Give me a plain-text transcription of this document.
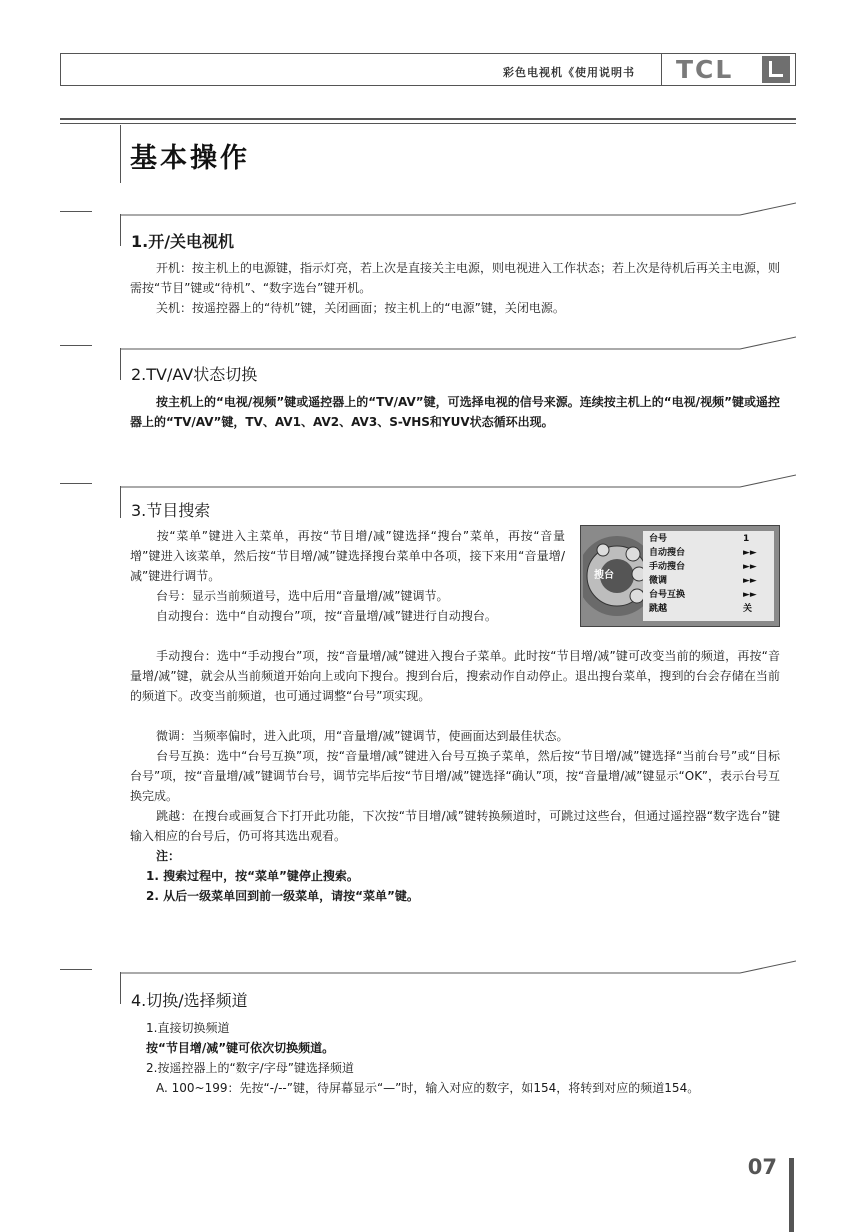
彩色电视机《使用说明书 TCL
基本操作
1.开/关电视机
开机：按主机上的电源键，指示灯亮，若上次是直接关主电源，则电视进入工作状态；若上次是待机后再关主电源，则需按“节目”键或“待机”、“数字选台”键开机。
关机：按遥控器上的“待机”键，关闭画面；按主机上的“电源”键，关闭电源。
2.TV/AV状态切换
按主机上的“电视/视频”键或遥控器上的“TV/AV”键，可选择电视的信号来源。连续按主机上的“电视/视频”键或遥控器上的“TV/AV”键，TV、AV1、AV2、AV3、S-VHS和YUV状态循环出现。
3.节目搜索
按“菜单”键进入主菜单，再按“节目增/减”键选择“搜台”菜单，再按“音量增”键进入该菜单，然后按“节目增/减”键选择搜台菜单中各项，接下来用“音量增/减”键进行调节。
台号：显示当前频道号，选中后用“音量增/减”键调节。
自动搜台：选中“自动搜台”项，按“音量增/减”键进行自动搜台。
手动搜台：选中“手动搜台”项，按“音量增/减”键进入搜台子菜单。此时按“节目增/减”键可改变当前的频道，再按“音量增/减”键，就会从当前频道开始向上或向下搜台。搜到台后，搜索动作自动停止。退出搜台菜单，搜到的台会存储在当前的频道下。改变当前频道，也可通过调整“台号”项实现。
微调：当频率偏时，进入此项，用“音量增/减”键调节，使画面达到最佳状态。
台号互换：选中“台号互换”项，按“音量增/减”键进入台号互换子菜单，然后按“节目增/减”键选择“当前台号”或“目标台号”项，按“音量增/减”键调节台号，调节完毕后按“节目增/减”键选择“确认”项，按“音量增/减”键显示“OK”，表示台号互换完成。
跳越：在搜台或画复合下打开此功能，下次按“节目增/减”键转换频道时，可跳过这些台，但通过遥控器“数字选台”键输入相应的台号后，仍可将其选出观看。
注：
1. 搜索过程中，按“菜单”键停止搜索。
2. 从后一级菜单回到前一级菜单，请按“菜单”键。
搜台
台号	1
自动搜台	►►
手动搜台	►►
微调	►►
台号互换	►►
跳越	关
4.切换/选择频道
1.直接切换频道
按“节目增/减”键可依次切换频道。
2.按遥控器上的“数字/字母”键选择频道
A. 100~199：先按“-/--”键，待屏幕显示“—”时，输入对应的数字，如154，将转到对应的频道154。
07
